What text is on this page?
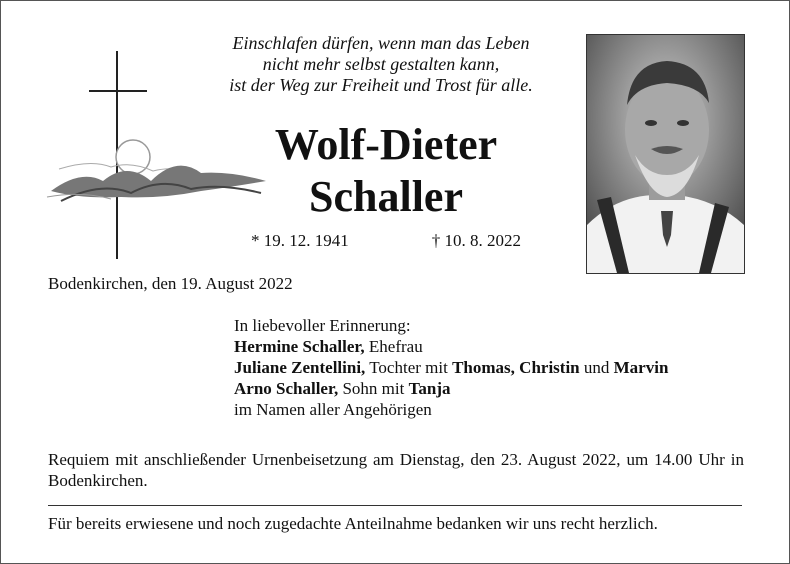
Einschlafen dürfen, wenn man das Leben
nicht mehr selbst gestalten kann,
ist der Weg zur Freiheit und Trost für alle.
Wolf-Dieter
Schaller
* 19. 12. 1941	† 10. 8. 2022
Bodenkirchen, den 19. August 2022
In liebevoller Erinnerung:
Hermine Schaller, Ehefrau
Juliane Zentellini, Tochter mit Thomas, Christin und Marvin
Arno Schaller, Sohn mit Tanja
im Namen aller Angehörigen
Requiem mit anschließender Urnenbeisetzung am Dienstag, den 23. August 2022, um 14.00 Uhr in Bodenkirchen.
Für bereits erwiesene und noch zugedachte Anteilnahme bedanken wir uns recht herzlich.
